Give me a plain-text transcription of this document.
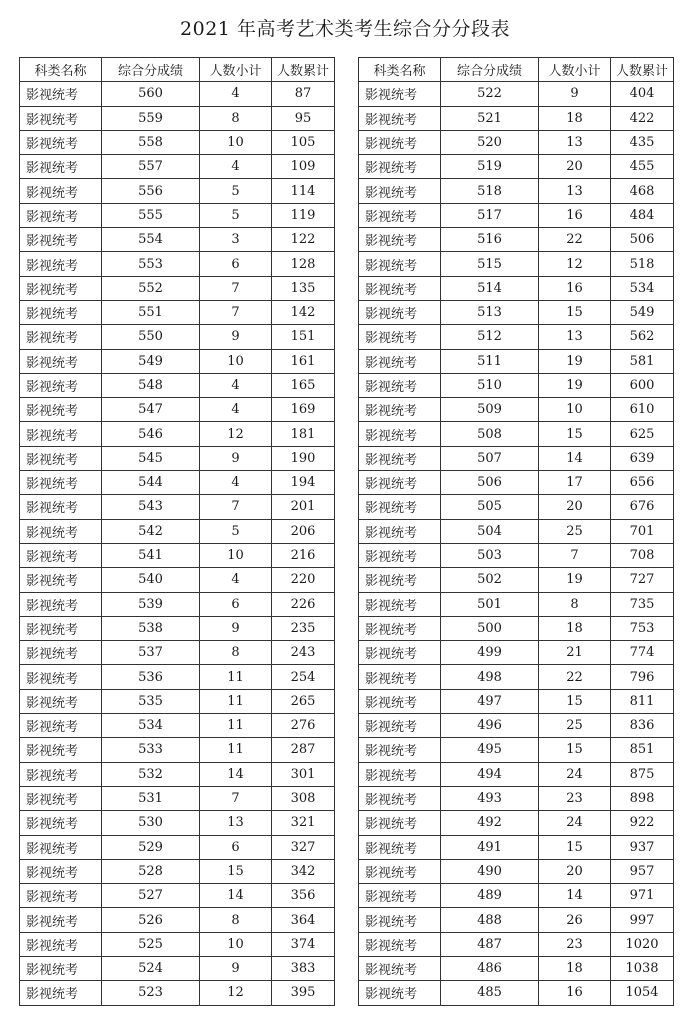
2021 年高考艺术类考生综合分分段表
科类名称	综合分成绩	人数小计	人数累计
影视统考	560	4	87
影视统考	559	8	95
影视统考	558	10	105
影视统考	557	4	109
影视统考	556	5	114
影视统考	555	5	119
影视统考	554	3	122
影视统考	553	6	128
影视统考	552	7	135
影视统考	551	7	142
影视统考	550	9	151
影视统考	549	10	161
影视统考	548	4	165
影视统考	547	4	169
影视统考	546	12	181
影视统考	545	9	190
影视统考	544	4	194
影视统考	543	7	201
影视统考	542	5	206
影视统考	541	10	216
影视统考	540	4	220
影视统考	539	6	226
影视统考	538	9	235
影视统考	537	8	243
影视统考	536	11	254
影视统考	535	11	265
影视统考	534	11	276
影视统考	533	11	287
影视统考	532	14	301
影视统考	531	7	308
影视统考	530	13	321
影视统考	529	6	327
影视统考	528	15	342
影视统考	527	14	356
影视统考	526	8	364
影视统考	525	10	374
影视统考	524	9	383
影视统考	523	12	395
科类名称	综合分成绩	人数小计	人数累计
影视统考	522	9	404
影视统考	521	18	422
影视统考	520	13	435
影视统考	519	20	455
影视统考	518	13	468
影视统考	517	16	484
影视统考	516	22	506
影视统考	515	12	518
影视统考	514	16	534
影视统考	513	15	549
影视统考	512	13	562
影视统考	511	19	581
影视统考	510	19	600
影视统考	509	10	610
影视统考	508	15	625
影视统考	507	14	639
影视统考	506	17	656
影视统考	505	20	676
影视统考	504	25	701
影视统考	503	7	708
影视统考	502	19	727
影视统考	501	8	735
影视统考	500	18	753
影视统考	499	21	774
影视统考	498	22	796
影视统考	497	15	811
影视统考	496	25	836
影视统考	495	15	851
影视统考	494	24	875
影视统考	493	23	898
影视统考	492	24	922
影视统考	491	15	937
影视统考	490	20	957
影视统考	489	14	971
影视统考	488	26	997
影视统考	487	23	1020
影视统考	486	18	1038
影视统考	485	16	1054
